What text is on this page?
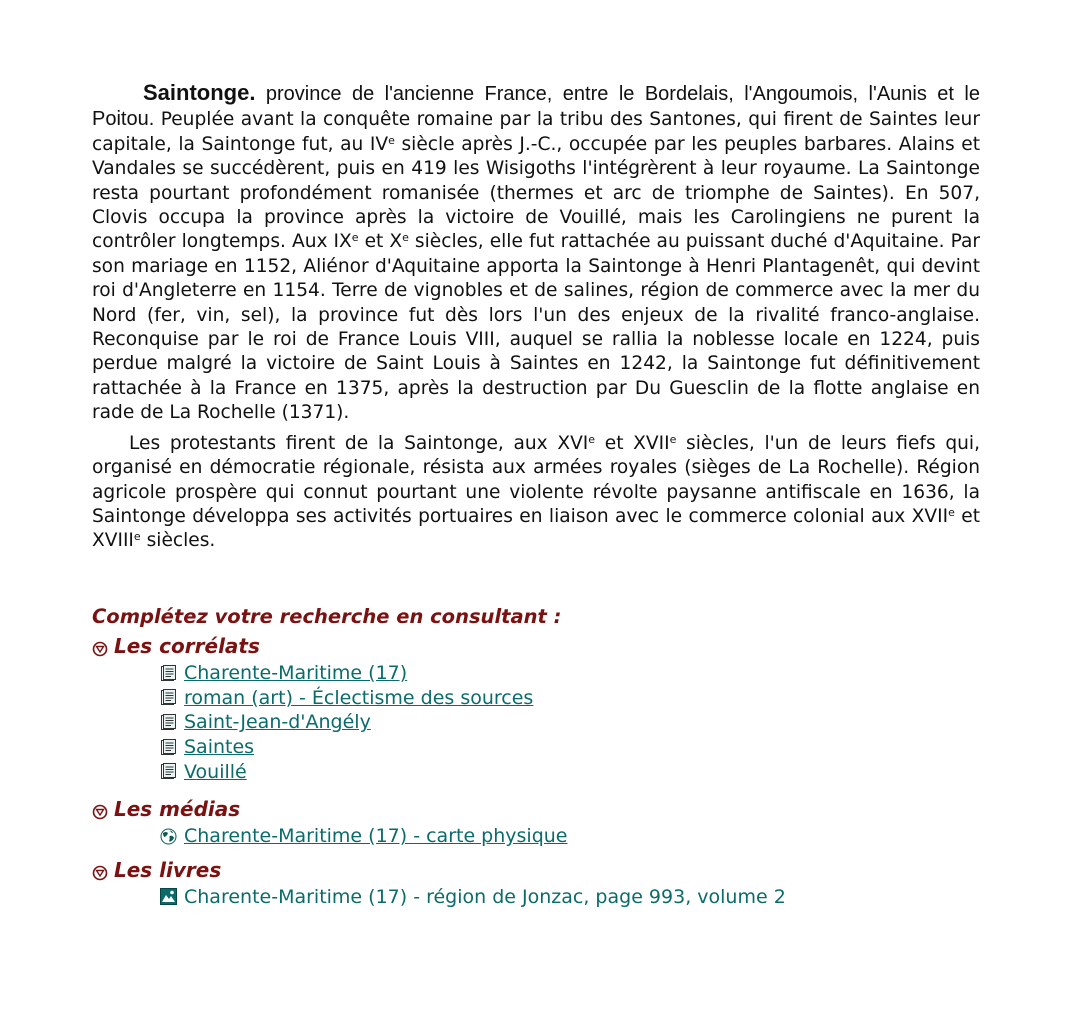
Saintonge. province de l'ancienne France, entre le Bordelais, l'Angoumois, l'Aunis et le Poitou. Peuplée avant la conquête romaine par la tribu des Santones, qui firent de Saintes leur capitale, la Saintonge fut, au IVe siècle après J.-C., occupée par les peuples barbares. Alains et Vandales se succédèrent, puis en 419 les Wisigoths l'intégrèrent à leur royaume. La Saintonge resta pourtant profondément romanisée (thermes et arc de triomphe de Saintes). En 507, Clovis occupa la province après la victoire de Vouillé, mais les Carolingiens ne purent la contrôler longtemps. Aux IXe et Xe siècles, elle fut rattachée au puissant duché d'Aquitaine. Par son mariage en 1152, Aliénor d'Aquitaine apporta la Saintonge à Henri Plantagenêt, qui devint roi d'Angleterre en 1154. Terre de vignobles et de salines, région de commerce avec la mer du Nord (fer, vin, sel), la province fut dès lors l'un des enjeux de la rivalité franco-anglaise. Reconquise par le roi de France Louis VIII, auquel se rallia la noblesse locale en 1224, puis perdue malgré la victoire de Saint Louis à Saintes en 1242, la Saintonge fut définitivement rattachée à la France en 1375, après la destruction par Du Guesclin de la flotte anglaise en rade de La Rochelle (1371).

Les protestants firent de la Saintonge, aux XVIe et XVIIe siècles, l'un de leurs fiefs qui, organisé en démocratie régionale, résista aux armées royales (sièges de La Rochelle). Région agricole prospère qui connut pourtant une violente révolte paysanne antifiscale en 1636, la Saintonge développa ses activités portuaires en liaison avec le commerce colonial aux XVIIe et XVIIIe siècles.

Complétez votre recherche en consultant :

Les corrélats
Charente-Maritime (17)
roman (art) - Éclectisme des sources
Saint-Jean-d'Angély
Saintes
Vouillé
Les médias
Charente-Maritime (17) - carte physique
Les livres
Charente-Maritime (17) - région de Jonzac, page 993, volume 2
